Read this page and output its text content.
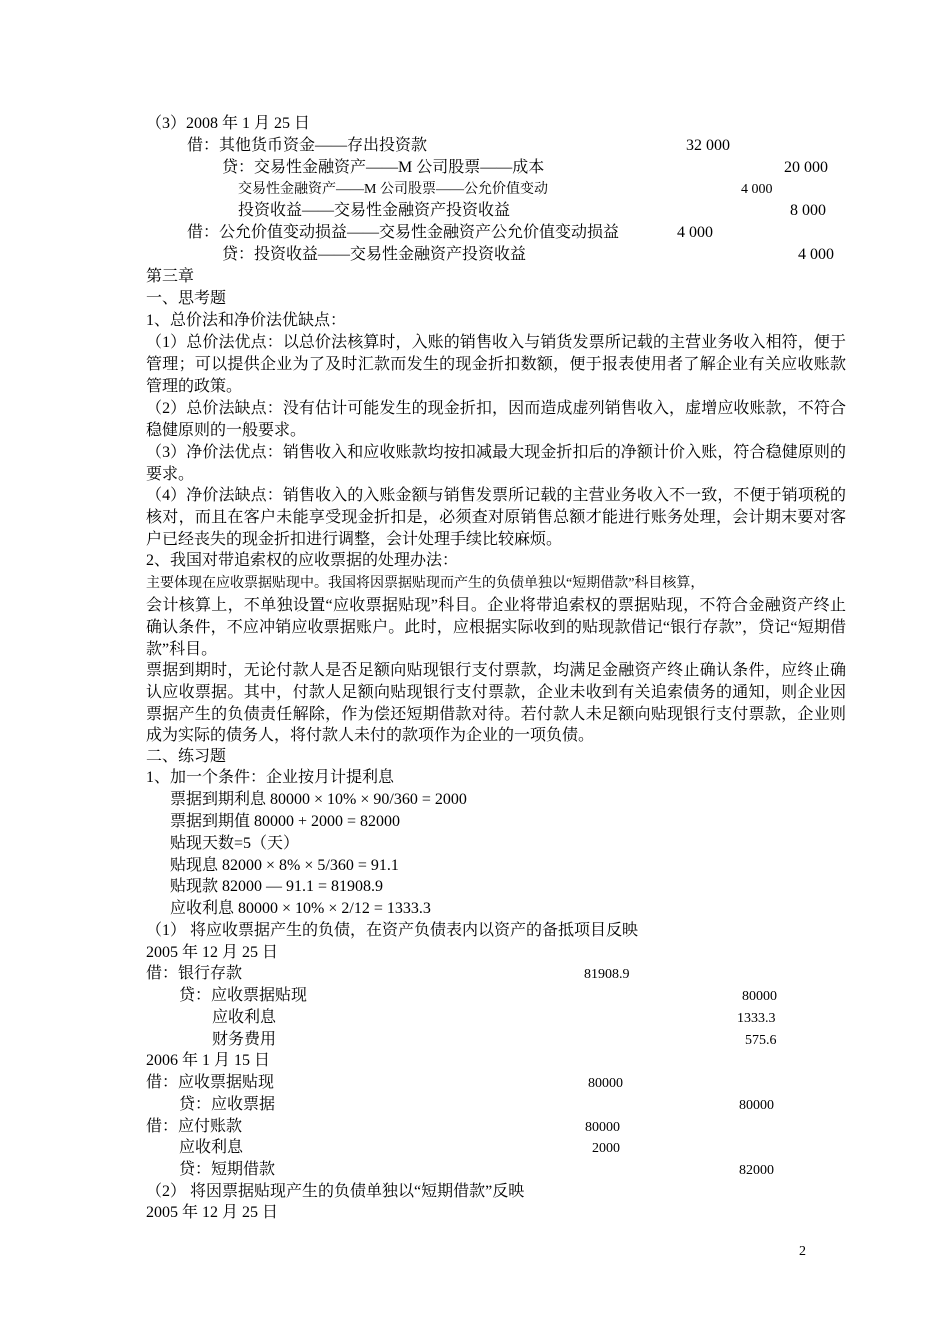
（3）2008 年 1 月 25 日
借：其他货币资金——存出投资款	32 000
贷：交易性金融资产——M 公司股票——成本	20 000
交易性金融资产——M 公司股票——公允价值变动	4 000
投资收益——交易性金融资产投资收益	8 000
借：公允价值变动损益——交易性金融资产公允价值变动损益	4 000
贷：投资收益——交易性金融资产投资收益	4 000
第三章
一、思考题
1、总价法和净价法优缺点：
（1）总价法优点：以总价法核算时，入账的销售收入与销货发票所记载的主营业务收入相符，便于管理；可以提供企业为了及时汇款而发生的现金折扣数额，便于报表使用者了解企业有关应收账款管理的政策。
（2）总价法缺点：没有估计可能发生的现金折扣，因而造成虚列销售收入，虚增应收账款，不符合稳健原则的一般要求。
（3）净价法优点：销售收入和应收账款均按扣减最大现金折扣后的净额计价入账，符合稳健原则的要求。
（4）净价法缺点：销售收入的入账金额与销售发票所记载的主营业务收入不一致，不便于销项税的核对，而且在客户未能享受现金折扣是，必须查对原销售总额才能进行账务处理，会计期末要对客户已经丧失的现金折扣进行调整，会计处理手续比较麻烦。
2、我国对带追索权的应收票据的处理办法：
主要体现在应收票据贴现中。我国将因票据贴现而产生的负债单独以“短期借款”科目核算，
会计核算上，不单独设置“应收票据贴现”科目。企业将带追索权的票据贴现，不符合金融资产终止确认条件，不应冲销应收票据账户。此时，应根据实际收到的贴现款借记“银行存款”，贷记“短期借款”科目。
票据到期时，无论付款人是否足额向贴现银行支付票款，均满足金融资产终止确认条件，应终止确认应收票据。其中，付款人足额向贴现银行支付票款，企业未收到有关追索债务的通知，则企业因票据产生的负债责任解除，作为偿还短期借款对待。若付款人未足额向贴现银行支付票款，企业则成为实际的债务人，将付款人未付的款项作为企业的一项负债。
二、练习题
1、加一个条件：企业按月计提利息
票据到期利息 80000 × 10% × 90/360 = 2000
票据到期值 80000 + 2000 = 82000
贴现天数=5（天）
贴现息 82000 × 8% × 5/360 = 91.1
贴现款 82000 — 91.1 = 81908.9
应收利息 80000 × 10% × 2/12 = 1333.3
（1） 将应收票据产生的负债，在资产负债表内以资产的备抵项目反映
2005 年 12 月 25 日
借：银行存款	81908.9
贷：应收票据贴现	80000
应收利息	1333.3
财务费用	575.6
2006 年 1 月 15 日
借：应收票据贴现	80000
贷：应收票据	80000
借：应付账款	80000
应收利息	2000
贷：短期借款	82000
（2） 将因票据贴现产生的负债单独以“短期借款”反映
2005 年 12 月 25 日
2
